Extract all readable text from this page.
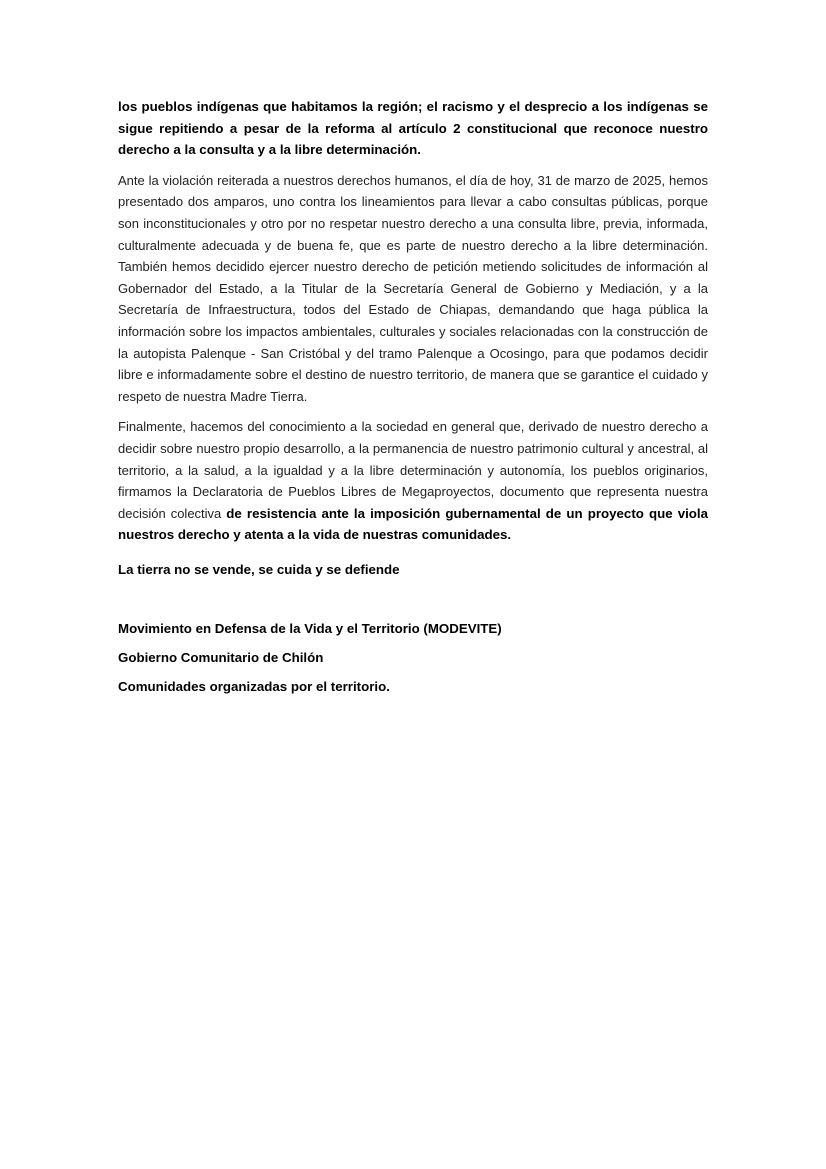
los pueblos indígenas que habitamos la región; el racismo y el desprecio a los indígenas se sigue repitiendo a pesar de la reforma al artículo 2 constitucional que reconoce nuestro derecho a la consulta y a la libre determinación.

Ante la violación reiterada a nuestros derechos humanos, el día de hoy, 31 de marzo de 2025, hemos presentado dos amparos, uno contra los lineamientos para llevar a cabo consultas públicas, porque son inconstitucionales y otro por no respetar nuestro derecho a una consulta libre, previa, informada, culturalmente adecuada y de buena fe, que es parte de nuestro derecho a la libre determinación. También hemos decidido ejercer nuestro derecho de petición metiendo solicitudes de información al Gobernador del Estado, a la Titular de la Secretaría General de Gobierno y Mediación, y a la Secretaría de Infraestructura, todos del Estado de Chiapas, demandando que haga pública la información sobre los impactos ambientales, culturales y sociales relacionadas con la construcción de la autopista Palenque - San Cristóbal y del tramo Palenque a Ocosingo, para que podamos decidir libre e informadamente sobre el destino de nuestro territorio, de manera que se garantice el cuidado y respeto de nuestra Madre Tierra.

Finalmente, hacemos del conocimiento a la sociedad en general que, derivado de nuestro derecho a decidir sobre nuestro propio desarrollo, a la permanencia de nuestro patrimonio cultural y ancestral, al territorio, a la salud, a la igualdad y a la libre determinación y autonomía, los pueblos originarios, firmamos la Declaratoria de Pueblos Libres de Megaproyectos, documento que representa nuestra decisión colectiva de resistencia ante la imposición gubernamental de un proyecto que viola nuestros derecho y atenta a la vida de nuestras comunidades.

La tierra no se vende, se cuida y se defiende

Movimiento en Defensa de la Vida y el Territorio (MODEVITE)

Gobierno Comunitario de Chilón

Comunidades organizadas por el territorio.
